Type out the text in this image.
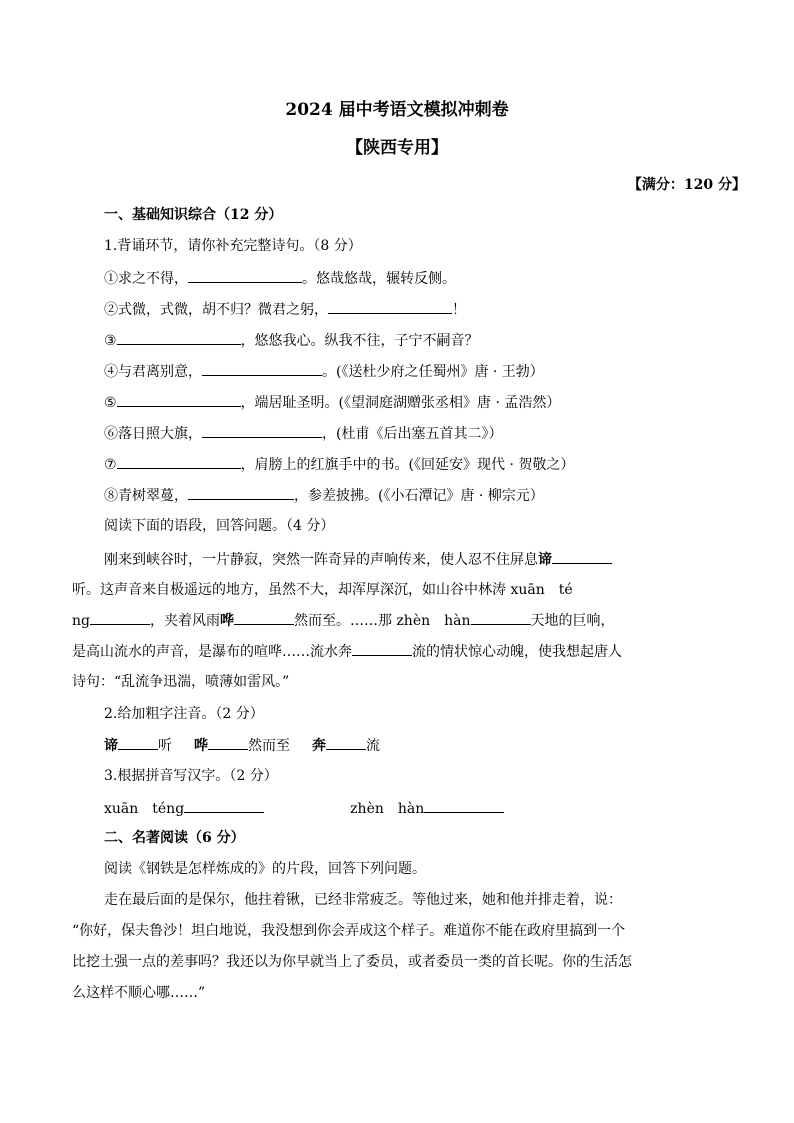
2024 届中考语文模拟冲刺卷
【陕西专用】
【满分：120 分】
一、基础知识综合（12 分）
1.背诵环节，请你补充完整诗句。（8 分）
①求之不得，	。悠哉悠哉，辗转反侧。
②式微，式微，胡不归？微君之躬，	！
③	，悠悠我心。纵我不往，子宁不嗣音？
④与君离别意，	。(《送杜少府之任蜀州》唐 · 王勃）
⑤	，端居耻圣明。(《望洞庭湖赠张丞相》唐 · 孟浩然）
⑥落日照大旗，	，(杜甫《后出塞五首其二》）
⑦	，肩膀上的红旗手中的书。(《回延安》现代 · 贺敬之）
⑧青树翠蔓，	，参差披拂。(《小石潭记》唐 · 柳宗元）
阅读下面的语段，回答问题。（4 分）
刚来到峡谷时，一片静寂，突然一阵奇异的声响传来，使人忍不住屏息谛
听。这声音来自极遥远的地方，虽然不大，却浑厚深沉，如山谷中林涛 xuān　té
ng	，夹着风雨哗	然而至。……那 zhèn　hàn	天地的巨响，
是高山流水的声音，是瀑布的喧哗……流水奔	流的情状惊心动魄，使我想起唐人
诗句：“乱流争迅湍，喷薄如雷风。”
2.给加粗字注音。（2 分）
谛	听 哗	然而至 奔	流
3.根据拼音写汉字。（2 分）
xuān　téng	zhèn　hàn
二、名著阅读（6 分）
阅读《钢铁是怎样炼成的》的片段，回答下列问题。
走在最后面的是保尔，他拄着锹，已经非常疲乏。等他过来，她和他并排走着，说：
“你好，保夫鲁沙！坦白地说，我没想到你会弄成这个样子。难道你不能在政府里搞到一个
比挖土强一点的差事吗？我还以为你早就当上了委员，或者委员一类的首长呢。你的生活怎
么这样不顺心哪……”
